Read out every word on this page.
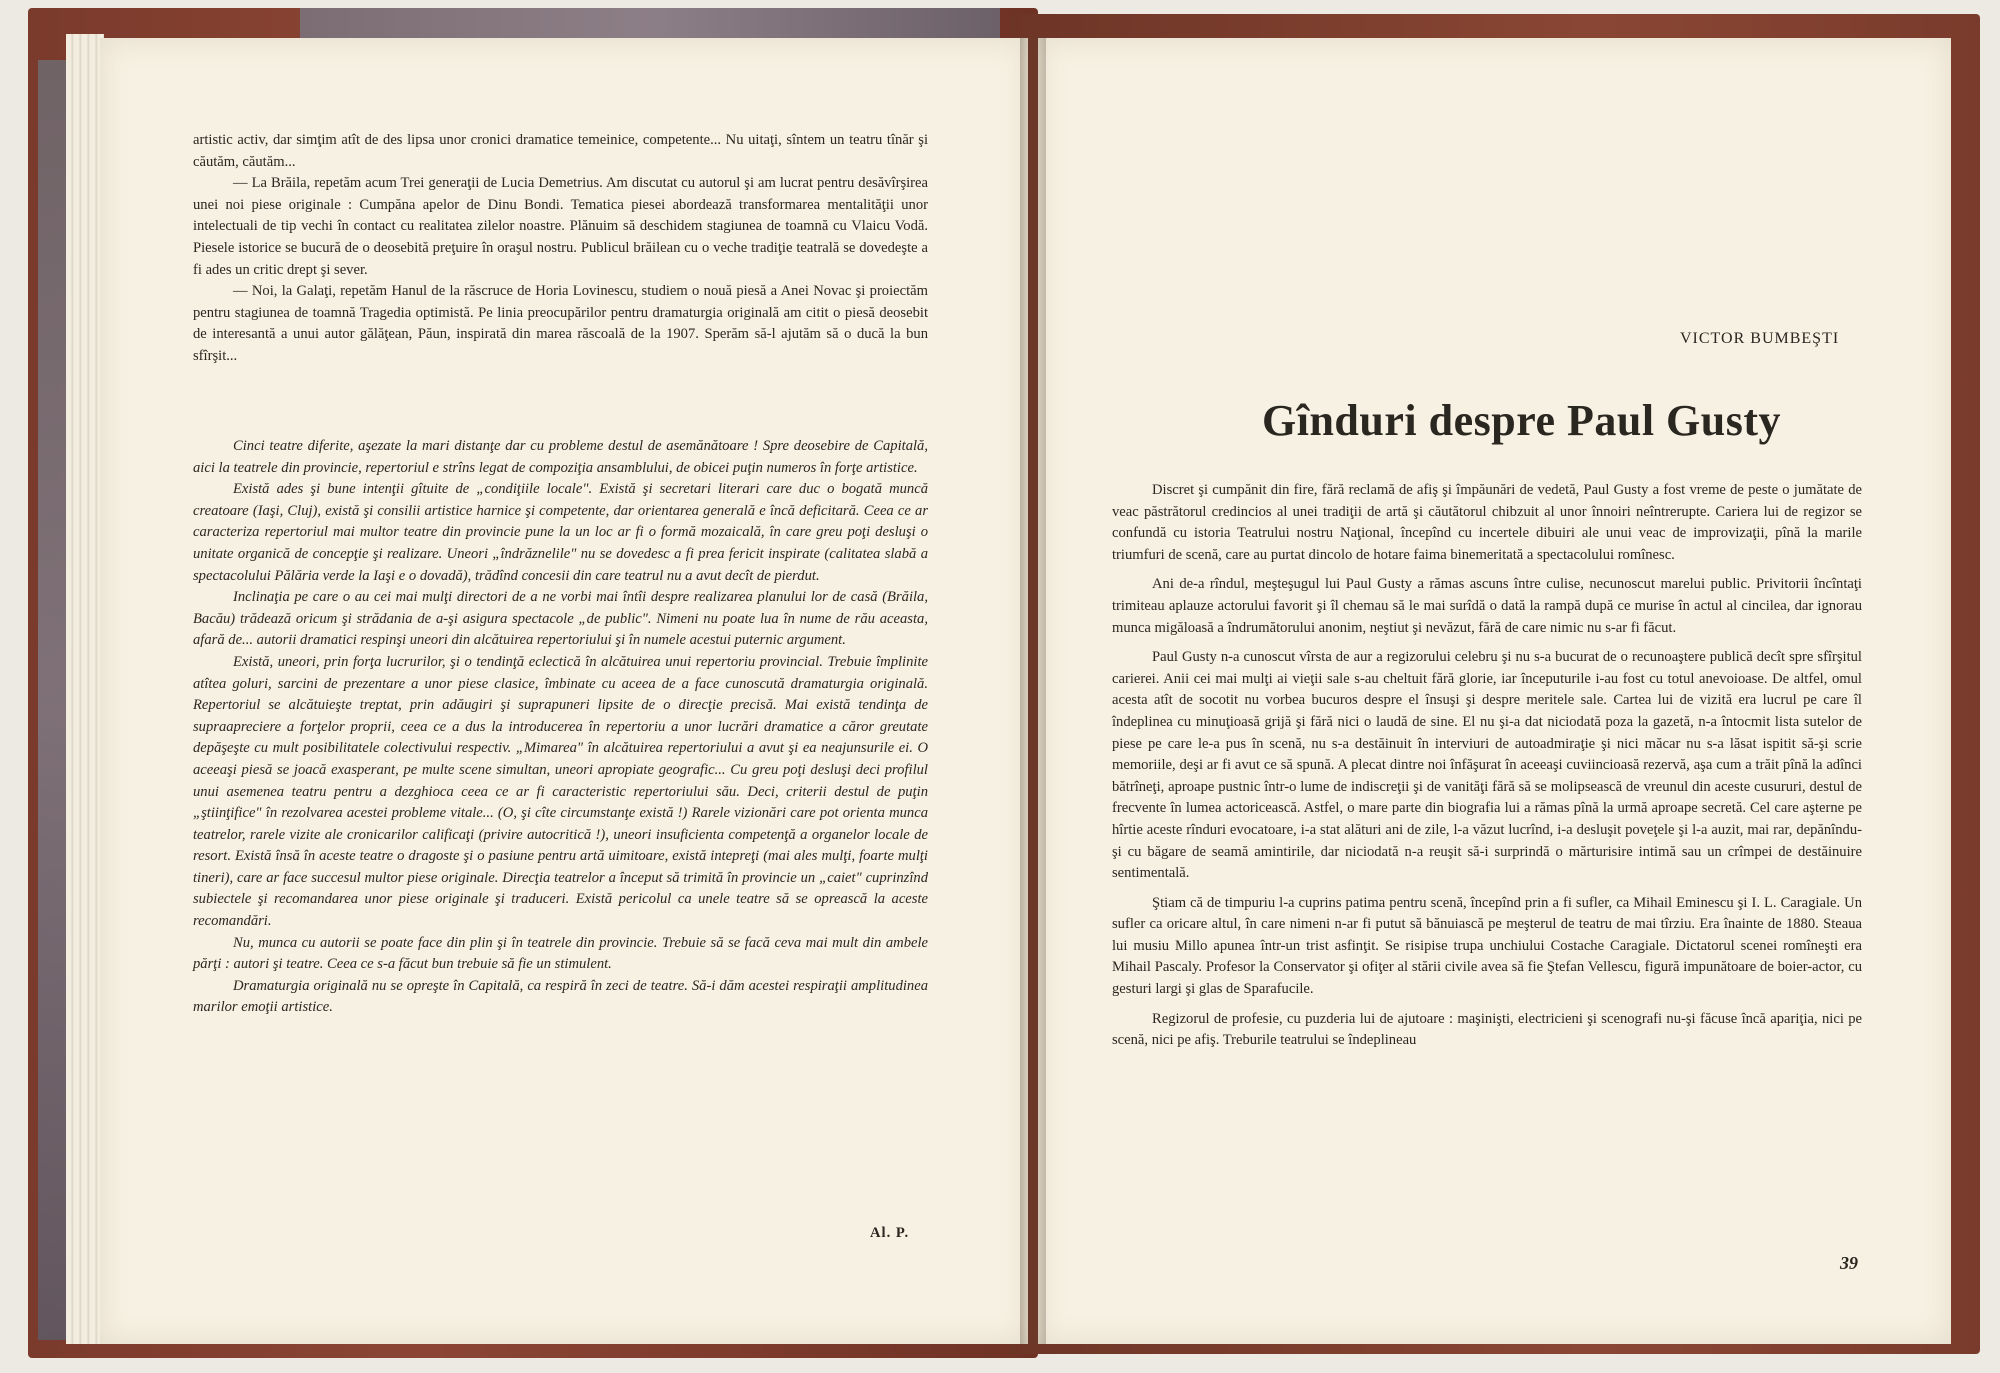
artistic activ, dar simţim atît de des lipsa unor cronici dramatice temeinice, competente... Nu uitaţi, sîntem un teatru tînăr şi căutăm, căutăm...

— La Brăila, repetăm acum Trei generaţii de Lucia Demetrius. Am discutat cu autorul şi am lucrat pentru desăvîrşirea unei noi piese originale : Cumpăna apelor de Dinu Bondi. Tematica piesei abordează transformarea mentalităţii unor intelectuali de tip vechi în contact cu realitatea zilelor noastre. Plănuim să deschidem stagiunea de toamnă cu Vlaicu Vodă. Piesele istorice se bucură de o deosebită preţuire în oraşul nostru. Publicul brăilean cu o veche tradiţie teatrală se dovedeşte a fi ades un critic drept şi sever.

— Noi, la Galaţi, repetăm Hanul de la răscruce de Horia Lovinescu, studiem o nouă piesă a Anei Novac şi proiectăm pentru stagiunea de toamnă Tragedia optimistă. Pe linia preocupărilor pentru dramaturgia originală am citit o piesă deosebit de interesantă a unui autor gălăţean, Păun, inspirată din marea răscoală de la 1907. Sperăm să-l ajutăm să o ducă la bun sfîrşit...

Cinci teatre diferite, aşezate la mari distanţe dar cu probleme destul de asemănătoare ! Spre deosebire de Capitală, aici la teatrele din provincie, repertoriul e strîns legat de compoziţia ansamblului, de obicei puţin numeros în forţe artistice.

Există ades şi bune intenţii gîtuite de „condiţiile locale". Există şi secretari literari care duc o bogată muncă creatoare (Iaşi, Cluj), există şi consilii artistice harnice şi competente, dar orientarea generală e încă deficitară. Ceea ce ar caracteriza repertoriul mai multor teatre din provincie pune la un loc ar fi o formă mozaicală, în care greu poţi desluşi o unitate organică de concepţie şi realizare. Uneori „îndrăznelile" nu se dovedesc a fi prea fericit inspirate (calitatea slabă a spectacolului Pălăria verde la Iaşi e o dovadă), trădînd concesii din care teatrul nu a avut decît de pierdut.

Inclinaţia pe care o au cei mai mulţi directori de a ne vorbi mai întîi despre realizarea planului lor de casă (Brăila, Bacău) trădează oricum şi strădania de a-şi asigura spectacole „de public". Nimeni nu poate lua în nume de rău aceasta, afară de... autorii dramatici respinşi uneori din alcătuirea repertoriului şi în numele acestui puternic argument.

Există, uneori, prin forţa lucrurilor, şi o tendinţă eclectică în alcătuirea unui repertoriu provincial. Trebuie împlinite atîtea goluri, sarcini de prezentare a unor piese clasice, îmbinate cu aceea de a face cunoscută dramaturgia originală. Repertoriul se alcătuieşte treptat, prin adăugiri şi suprapuneri lipsite de o direcţie precisă. Mai există tendinţa de supraapreciere a forţelor proprii, ceea ce a dus la introducerea în repertoriu a unor lucrări dramatice a căror greutate depăşeşte cu mult posibilitatele colectivului respectiv. „Mimarea" în alcătuirea repertoriului a avut şi ea neajunsurile ei. O aceeaşi piesă se joacă exasperant, pe multe scene simultan, uneori apropiate geografic... Cu greu poţi desluşi deci profilul unui asemenea teatru pentru a dezghioca ceea ce ar fi caracteristic repertoriului său. Deci, criterii destul de puţin „ştiinţifice" în rezolvarea acestei probleme vitale... (O, şi cîte circumstanţe există !) Rarele vizionări care pot orienta munca teatrelor, rarele vizite ale cronicarilor calificaţi (privire autocritică !), uneori insuficienta competenţă a organelor locale de resort. Există însă în aceste teatre o dragoste şi o pasiune pentru artă uimitoare, există intepreţi (mai ales mulţi, foarte mulţi tineri), care ar face succesul multor piese originale. Direcţia teatrelor a început să trimită în provincie un „caiet" cuprinzînd subiectele şi recomandarea unor piese originale şi traduceri. Există pericolul ca unele teatre să se oprească la aceste recomandări.

Nu, munca cu autorii se poate face din plin şi în teatrele din provincie. Trebuie să se facă ceva mai mult din ambele părţi : autori şi teatre. Ceea ce s-a făcut bun trebuie să fie un stimulent.

Dramaturgia originală nu se opreşte în Capitală, ca respiră în zeci de teatre. Să-i dăm acestei respiraţii amplitudinea marilor emoţii artistice.

Al. P.
VICTOR BUMBEŞTI
Gînduri despre Paul Gusty

Discret şi cumpănit din fire, fără reclamă de afiş şi împăunări de vedetă, Paul Gusty a fost vreme de peste o jumătate de veac păstrătorul credincios al unei tradiţii de artă şi căutătorul chibzuit al unor înnoiri neîntrerupte. Cariera lui de regizor se confundă cu istoria Teatrului nostru Naţional, începînd cu incertele dibuiri ale unui veac de improvizaţii, pînă la marile triumfuri de scenă, care au purtat dincolo de hotare faima binemeritată a spectacolului romînesc.

Ani de-a rîndul, meşteşugul lui Paul Gusty a rămas ascuns între culise, necunoscut marelui public. Privitorii încîntaţi trimiteau aplauze actorului favorit şi îl chemau să le mai surîdă o dată la rampă după ce murise în actul al cincilea, dar ignorau munca migăloasă a îndrumătorului anonim, neştiut şi nevăzut, fără de care nimic nu s-ar fi făcut.

Paul Gusty n-a cunoscut vîrsta de aur a regizorului celebru şi nu s-a bucurat de o recunoaştere publică decît spre sfîrşitul carierei. Anii cei mai mulţi ai vieţii sale s-au cheltuit fără glorie, iar începuturile i-au fost cu totul anevoioase. De altfel, omul acesta atît de socotit nu vorbea bucuros despre el însuşi şi despre meritele sale. Cartea lui de vizită era lucrul pe care îl îndeplinea cu minuţioasă grijă şi fără nici o laudă de sine. El nu şi-a dat niciodată poza la gazetă, n-a întocmit lista sutelor de piese pe care le-a pus în scenă, nu s-a destăinuit în interviuri de autoadmiraţie şi nici măcar nu s-a lăsat ispitit să-şi scrie memoriile, deşi ar fi avut ce să spună. A plecat dintre noi înfăşurat în aceeaşi cuviincioasă rezervă, aşa cum a trăit pînă la adînci bătrîneţi, aproape pustnic într-o lume de indiscreţii şi de vanităţi fără să se molipsească de vreunul din aceste cusururi, destul de frecvente în lumea actoricească. Astfel, o mare parte din biografia lui a rămas pînă la urmă aproape secretă. Cel care aşterne pe hîrtie aceste rînduri evocatoare, i-a stat alături ani de zile, l-a văzut lucrînd, i-a desluşit poveţele şi l-a auzit, mai rar, depănîndu-şi cu băgare de seamă amintirile, dar niciodată n-a reuşit să-i surprindă o mărturisire intimă sau un crîmpei de destăinuire sentimentală.

Ştiam că de timpuriu l-a cuprins patima pentru scenă, începînd prin a fi sufler, ca Mihail Eminescu şi I. L. Caragiale. Un sufler ca oricare altul, în care nimeni n-ar fi putut să bănuiască pe meşterul de teatru de mai tîrziu. Era înainte de 1880. Steaua lui musiu Millo apunea într-un trist asfinţit. Se risipise trupa unchiului Costache Caragiale. Dictatorul scenei romîneşti era Mihail Pascaly. Profesor la Conservator şi ofiţer al stării civile avea să fie Ştefan Vellescu, figură impunătoare de boier-actor, cu gesturi largi şi glas de Sparafucile.

Regizorul de profesie, cu puzderia lui de ajutoare : maşinişti, electricieni şi scenografi nu-şi făcuse încă apariţia, nici pe scenă, nici pe afiş. Treburile teatrului se îndeplineau

39
